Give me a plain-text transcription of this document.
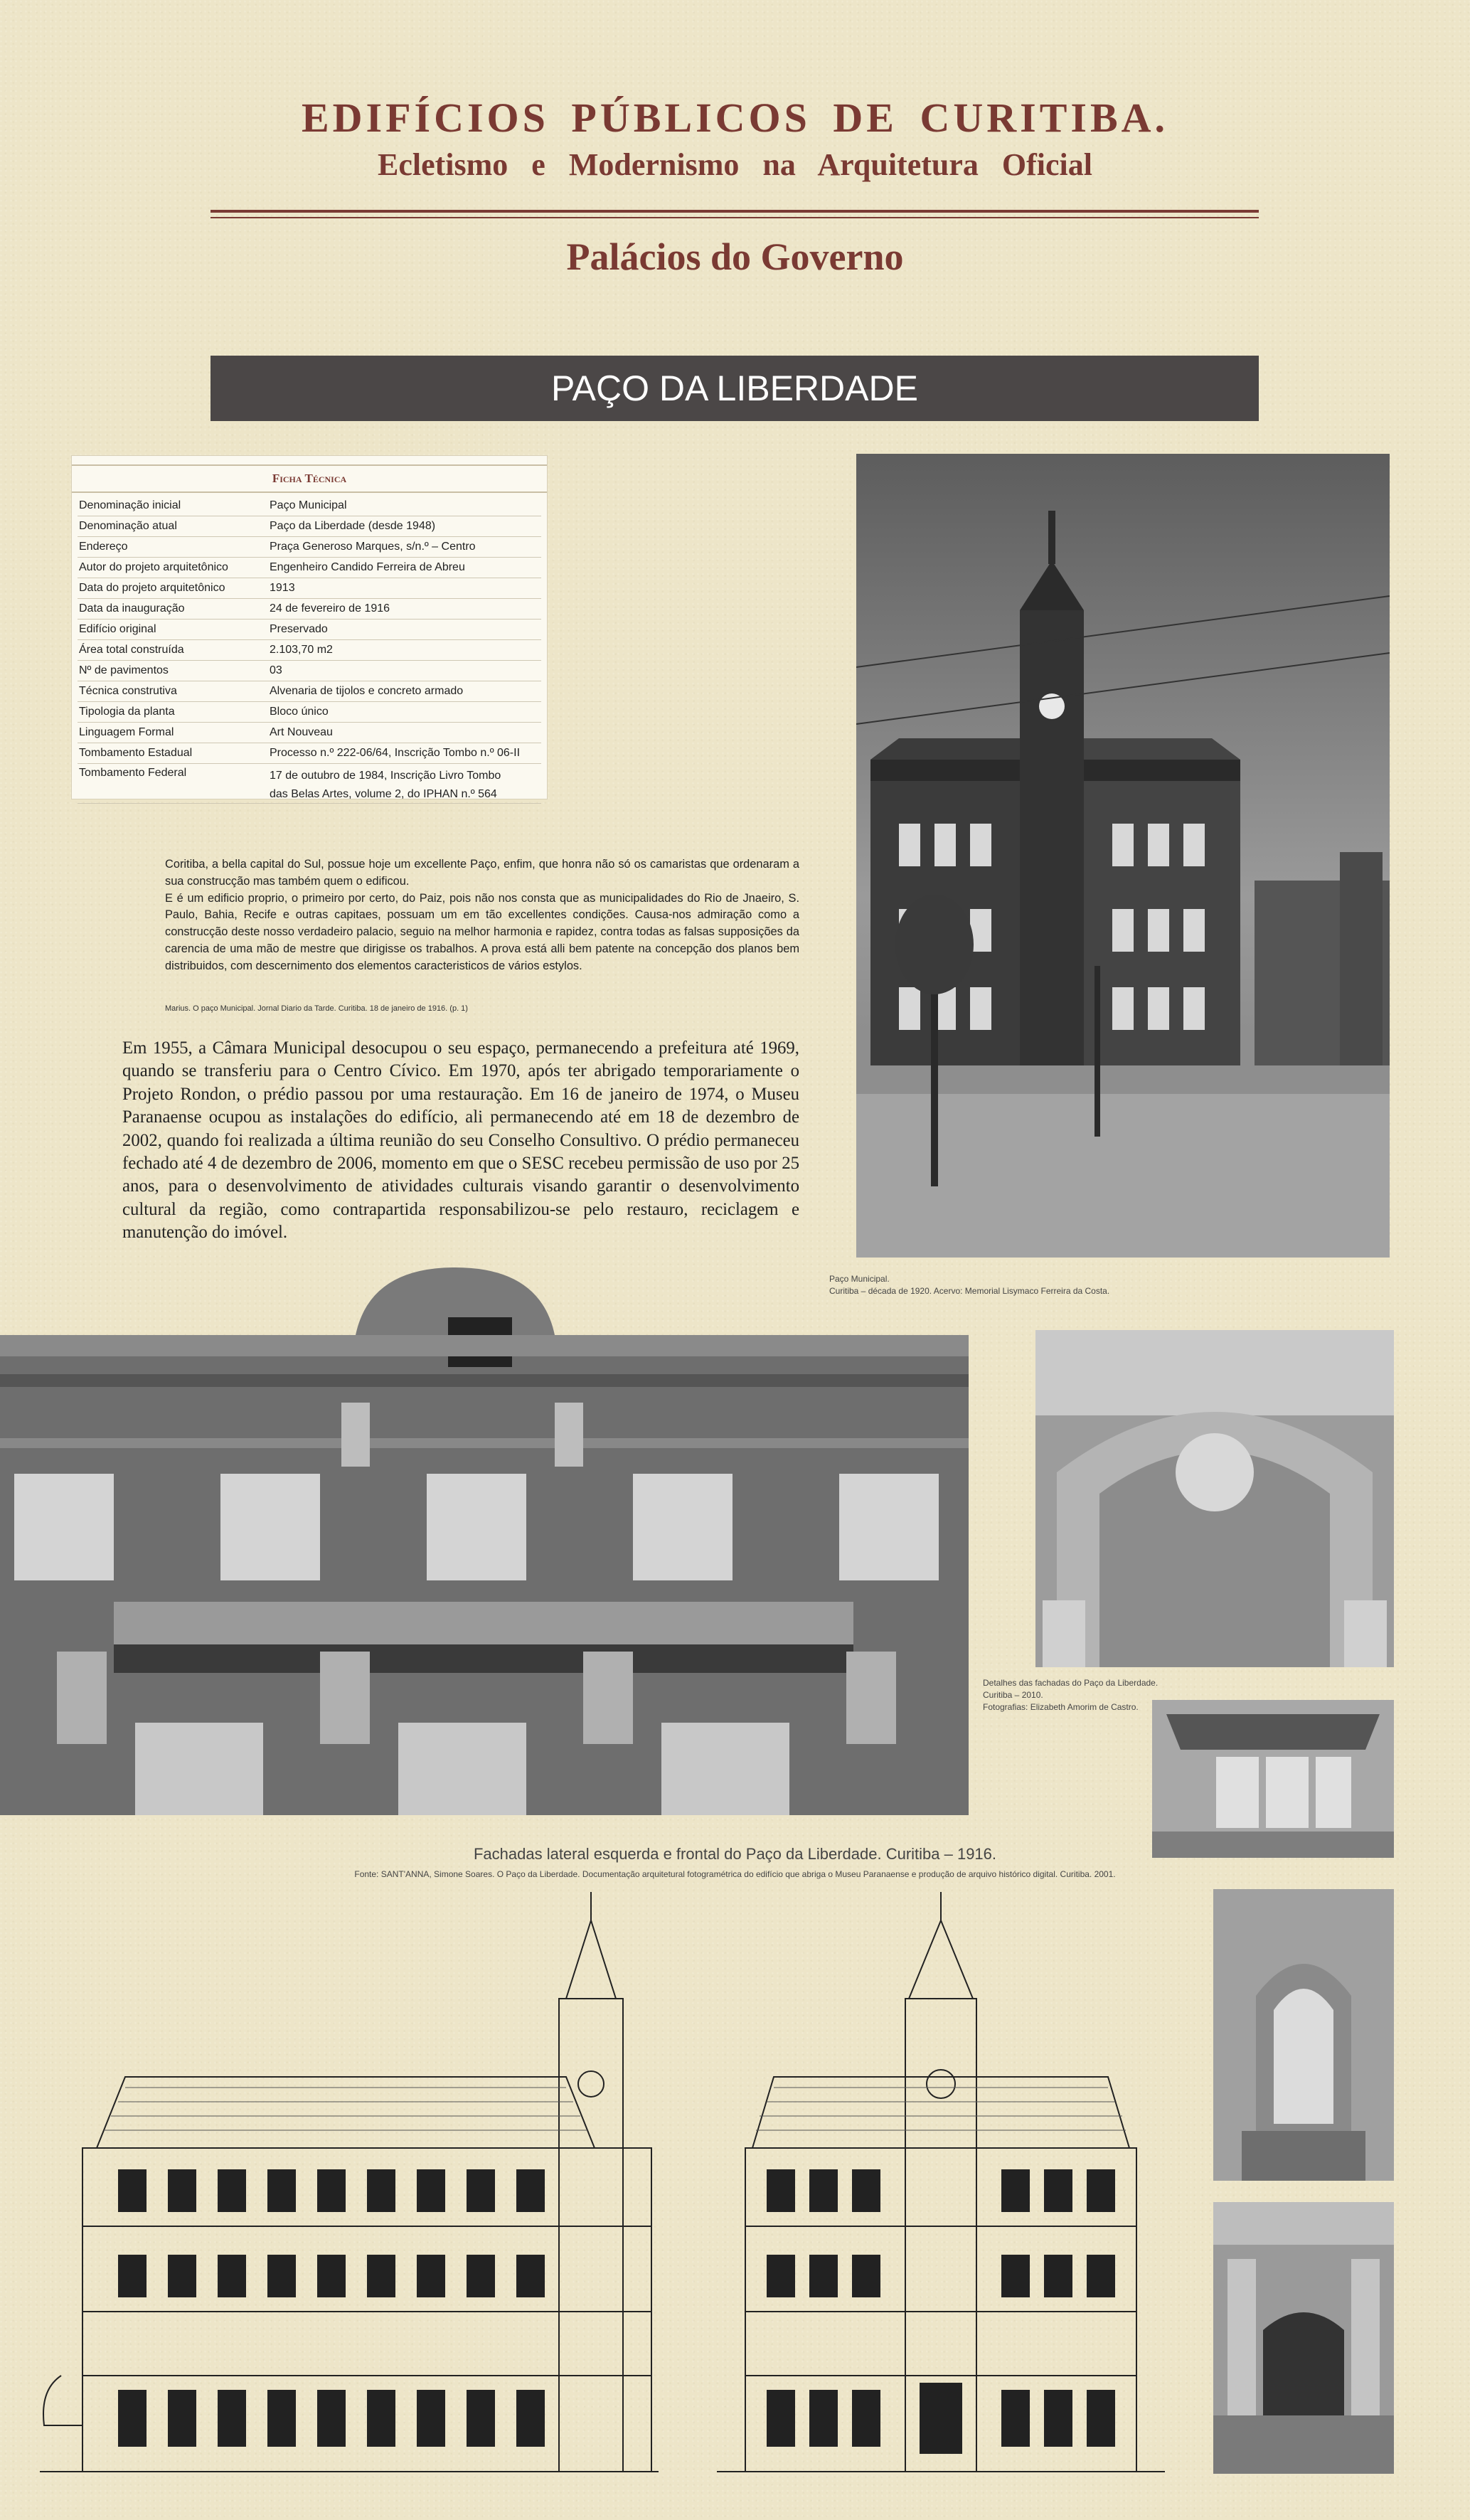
EDIFÍCIOS PÚBLICOS DE CURITIBA.
Ecletismo e Modernismo na Arquitetura Oficial
Palácios do Governo
PAÇO DA LIBERDADE
Ficha Técnica
Denominação inicial	Paço Municipal
Denominação atual	Paço da Liberdade (desde 1948)
Endereço	Praça Generoso Marques, s/n.º – Centro
Autor do projeto arquitetônico	Engenheiro Candido Ferreira de Abreu
Data do projeto arquitetônico	1913
Data da inauguração	24 de fevereiro de 1916
Edifício original	Preservado
Área total construída	2.103,70 m2
Nº de pavimentos	03
Técnica construtiva	Alvenaria de tijolos e concreto armado
Tipologia da planta	Bloco único
Linguagem Formal	Art Nouveau
Tombamento Estadual	Processo n.º 222-06/64, Inscrição Tombo n.º 06-II
Tombamento Federal	17 de outubro de 1984, Inscrição Livro Tombo
das Belas Artes, volume 2, do IPHAN n.º 564

Coritiba, a bella capital do Sul, possue hoje um excellente Paço, enfim, que honra não só os camaristas que ordenaram a sua construcção mas também quem o edificou.

E é um edificio proprio, o primeiro por certo, do Paiz, pois não nos consta que as municipalidades do Rio de Jnaeiro, S. Paulo, Bahia, Recife e outras capitaes, possuam um em tão excellentes condições. Causa-nos admiração como a construcção deste nosso verdadeiro palacio, seguio na melhor harmonia e rapidez, contra todas as falsas supposições da carencia de uma mão de mestre que dirigisse os trabalhos. A prova está alli bem patente na concepção dos planos bem distribuidos, com descernimento dos elementos caracteristicos de vários estylos.

Marius. O paço Municipal. Jornal Diario da Tarde. Curitiba. 18 de janeiro de 1916. (p. 1)
Em 1955, a Câmara Municipal desocupou o seu espaço, permanecendo a prefeitura até 1969, quando se transferiu para o Centro Cívico. Em 1970, após ter abrigado temporariamente o Projeto Rondon, o prédio passou por uma restauração. Em 16 de janeiro de 1974, o Museu Paranaense ocupou as instalações do edifício, ali permanecendo até em 18 de dezembro de 2002, quando foi realizada a última reunião do seu Conselho Consultivo. O prédio permaneceu fechado até 4 de dezembro de 2006, momento em que o SESC recebeu permissão de uso por 25 anos, para o desenvolvimento de atividades culturais visando garantir o desenvolvimento cultural da região, como contrapartida responsabilizou-se pelo restauro, reciclagem e manutenção do imóvel.
Paço Municipal.
Curitiba – década de 1920. Acervo: Memorial Lisymaco Ferreira da Costa.
Detalhes das fachadas do Paço da Liberdade.
Curitiba – 2010.
Fotografias: Elizabeth Amorim de Castro.
Fachadas lateral esquerda e frontal do Paço da Liberdade. Curitiba – 1916.
Fonte: SANT'ANNA, Simone Soares. O Paço da Liberdade. Documentação arquitetural fotogramétrica do edifício que abriga o Museu Paranaense e produção de arquivo histórico digital. Curitiba. 2001.
